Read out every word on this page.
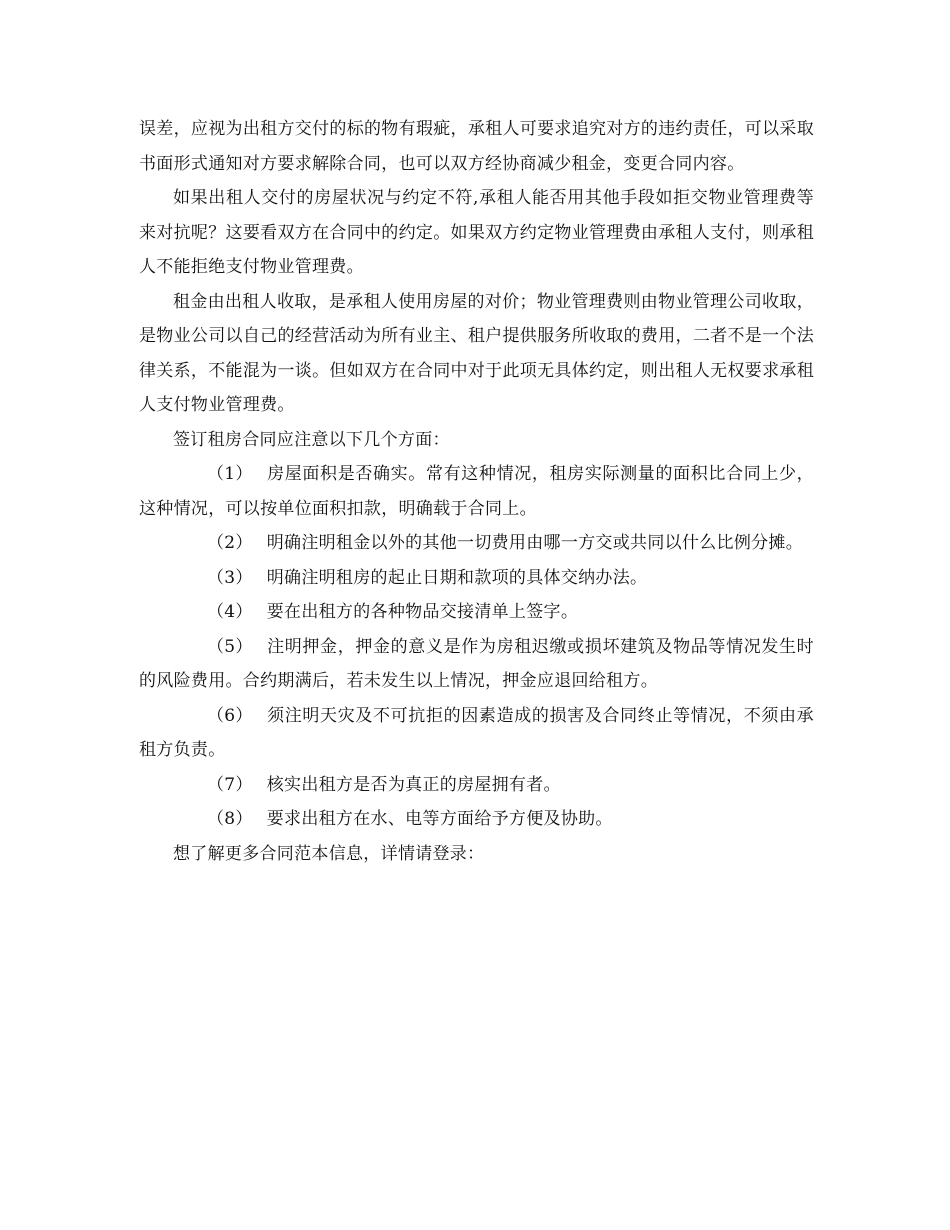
误差，应视为出租方交付的标的物有瑕疵，承租人可要求追究对方的违约责任，可以采取书面形式通知对方要求解除合同，也可以双方经协商减少租金，变更合同内容。

如果出租人交付的房屋状况与约定不符,承租人能否用其他手段如拒交物业管理费等来对抗呢？这要看双方在合同中的约定。如果双方约定物业管理费由承租人支付，则承租人不能拒绝支付物业管理费。

租金由出租人收取，是承租人使用房屋的对价；物业管理费则由物业管理公司收取，是物业公司以自己的经营活动为所有业主、租户提供服务所收取的费用，二者不是一个法律关系，不能混为一谈。但如双方在合同中对于此项无具体约定，则出租人无权要求承租人支付物业管理费。

签订租房合同应注意以下几个方面：

（1） 房屋面积是否确实。常有这种情况，租房实际测量的面积比合同上少，这种情况，可以按单位面积扣款，明确载于合同上。

（2） 明确注明租金以外的其他一切费用由哪一方交或共同以什么比例分摊。

（3） 明确注明租房的起止日期和款项的具体交纳办法。

（4） 要在出租方的各种物品交接清单上签字。

（5） 注明押金，押金的意义是作为房租迟缴或损坏建筑及物品等情况发生时的风险费用。合约期满后，若未发生以上情况，押金应退回给租方。

（6） 须注明天灾及不可抗拒的因素造成的损害及合同终止等情况，不须由承租方负责。

（7） 核实出租方是否为真正的房屋拥有者。

（8） 要求出租方在水、电等方面给予方便及协助。

想了解更多合同范本信息，详情请登录：
